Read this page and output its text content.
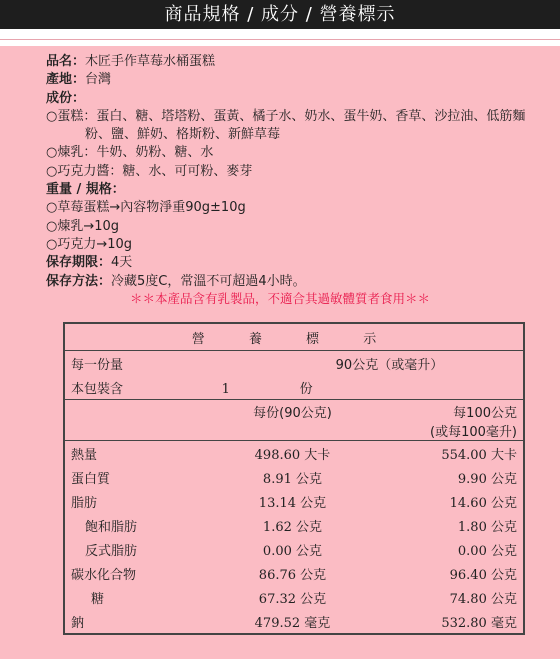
商品規格 / 成分 / 營養標示
品名：木匠手作草莓水桶蛋糕
產地：台灣
成份：
○蛋糕：蛋白、糖、塔塔粉、蛋黃、橘子水、奶水、蛋牛奶、香草、沙拉油、低筋麵
粉、鹽、鮮奶、格斯粉、新鮮草莓
○煉乳：牛奶、奶粉、糖、水
○巧克力醬：糖、水、可可粉、麥芽
重量 / 規格：
○草莓蛋糕→內容物淨重90g±10g
○煉乳→10g
○巧克力→10g
保存期限：4天
保存方法：冷藏5度C，常溫不可超過4小時。
＊＊本產品含有乳製品，不適合其過敏體質者食用＊＊
營 養 標 示		
每一份量	90公克（或毫升）	
本包裝含	1 份	
	每份(90公克)	每100公克
(或每100毫升)

熱量	498.60 大卡	554.00 大卡
蛋白質	8.91 公克	9.90 公克
脂肪	13.14 公克	14.60 公克
飽和脂肪	1.62 公克	1.80 公克
反式脂肪	0.00 公克	0.00 公克
碳水化合物	86.76 公克	96.40 公克
糖	67.32 公克	74.80 公克
鈉	479.52 毫克	532.80 毫克
